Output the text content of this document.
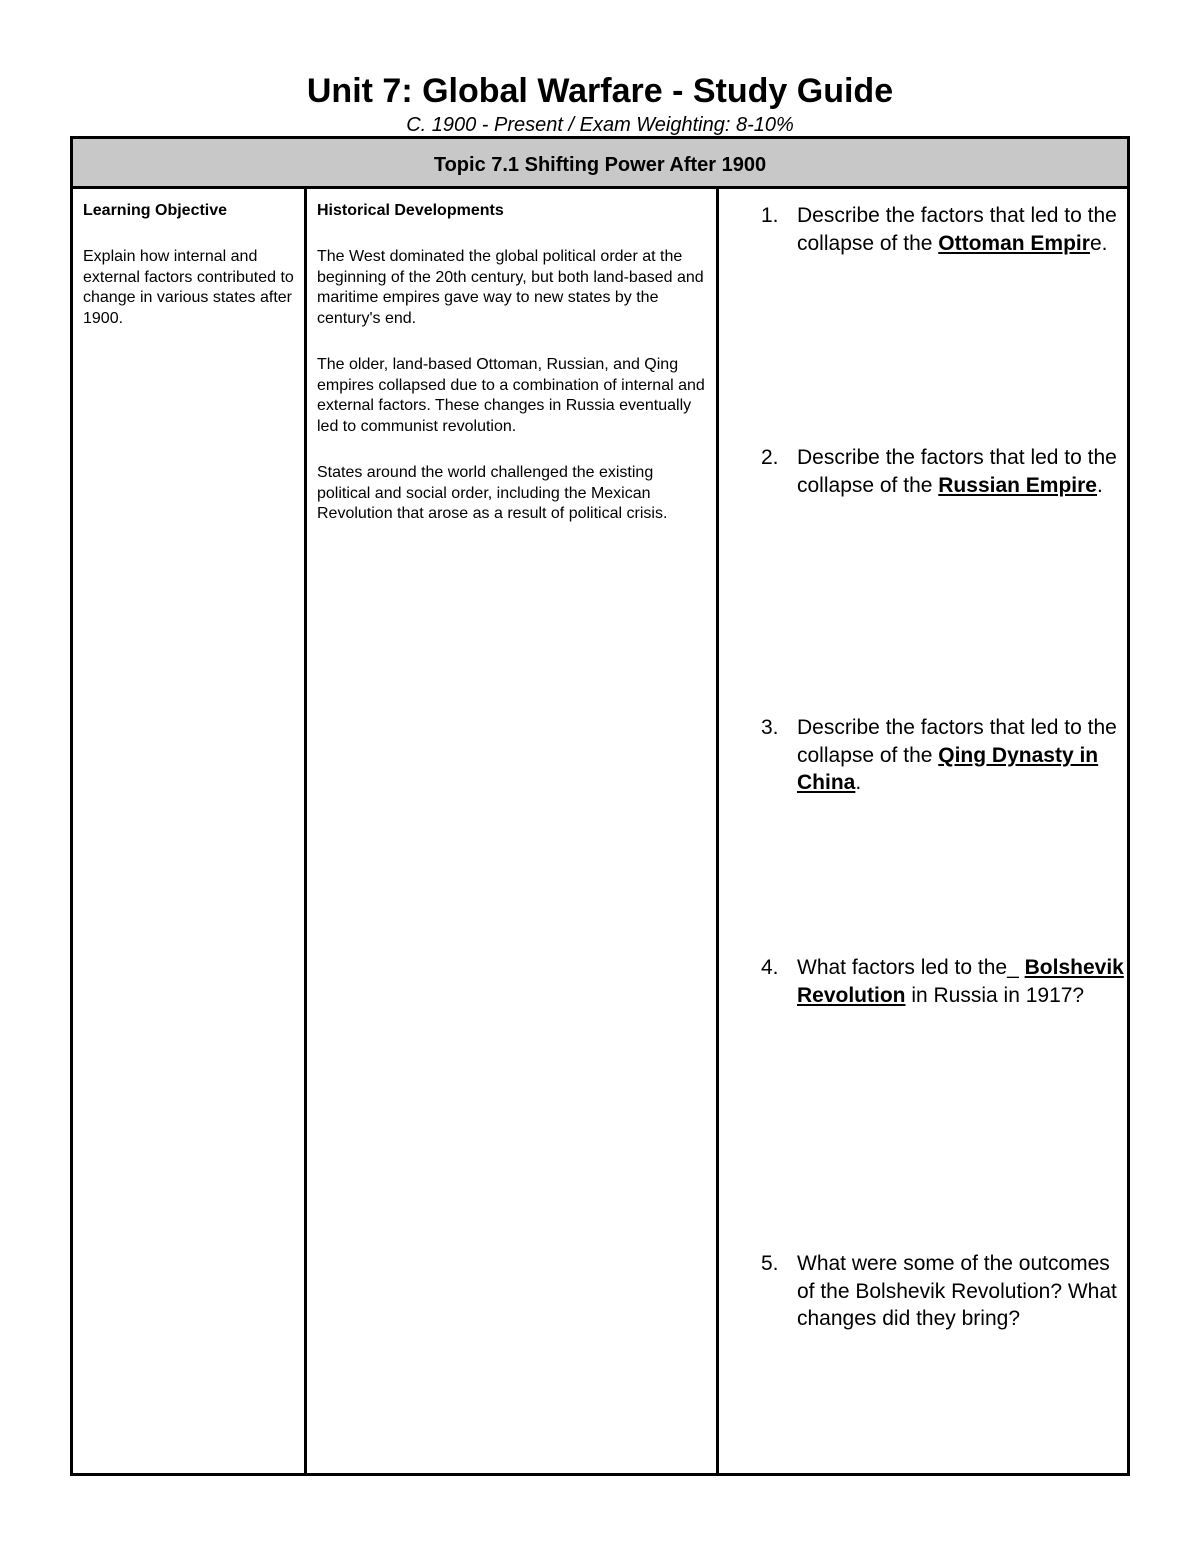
Unit 7: Global Warfare - Study Guide
C. 1900 - Present / Exam Weighting: 8-10%
Topic 7.1 Shifting Power After 1900

Learning Objective

Explain how internal and external factors contributed to change in various states after 1900.

Historical Developments

The West dominated the global political order at the beginning of the 20th century, but both land-based and maritime empires gave way to new states by the century's end.

The older, land-based Ottoman, Russian, and Qing empires collapsed due to a combination of internal and external factors. These changes in Russia eventually led to communist revolution.

States around the world challenged the existing political and social order, including the Mexican Revolution that arose as a result of political crisis.

1. Describe the factors that led to the collapse of the Ottoman Empire.
2. Describe the factors that led to the collapse of the Russian Empire.
3. Describe the factors that led to the collapse of the Qing Dynasty in China.
4. What factors led to the_ Bolshevik Revolution in Russia in 1917?
5. What were some of the outcomes of the Bolshevik Revolution? What changes did they bring?
